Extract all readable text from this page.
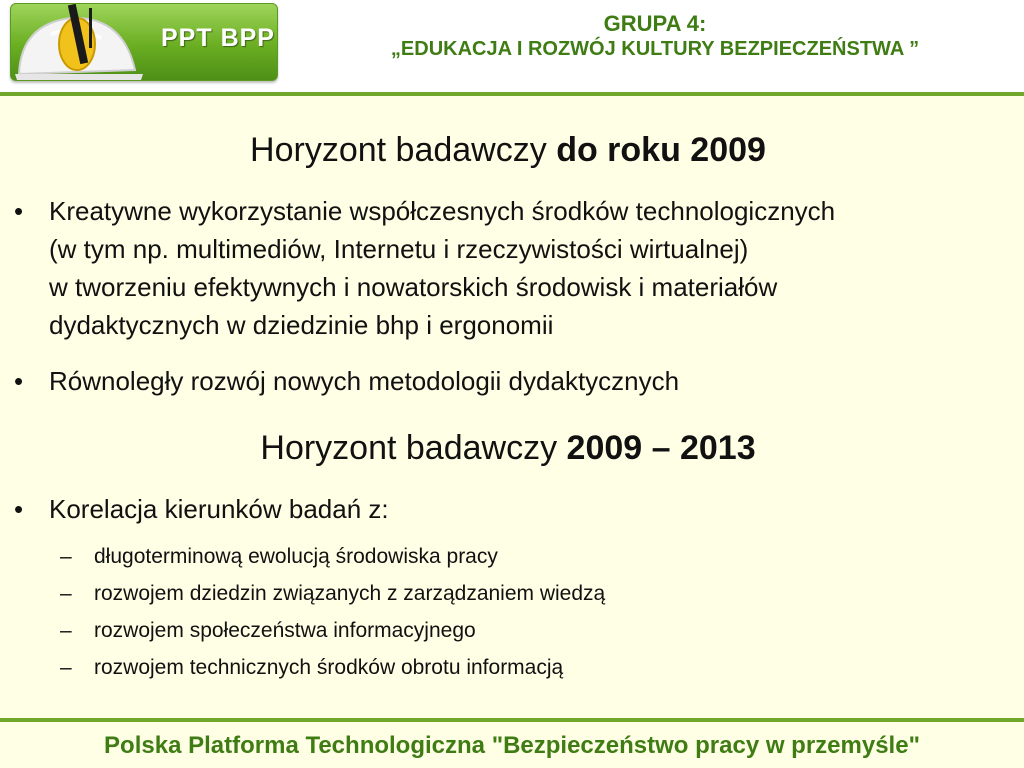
PPT BPP
GRUPA 4:
„EDUKACJA I ROZWÓJ KULTURY BEZPIECZEŃSTWA ”
Horyzont badawczy do roku 2009
• Kreatywne wykorzystanie współczesnych środków technologicznych
(w tym np. multimediów, Internetu i rzeczywistości wirtualnej)
w tworzeniu efektywnych i nowatorskich środowisk i materiałów
dydaktycznych w dziedzinie bhp i ergonomii
• Równoległy rozwój nowych metodologii dydaktycznych
Horyzont badawczy 2009 – 2013
• Korelacja kierunków badań z:
– długoterminową ewolucją środowiska pracy
– rozwojem dziedzin związanych z zarządzaniem wiedzą
– rozwojem społeczeństwa informacyjnego
– rozwojem technicznych środków obrotu informacją
Polska Platforma Technologiczna "Bezpieczeństwo pracy w przemyśle"
